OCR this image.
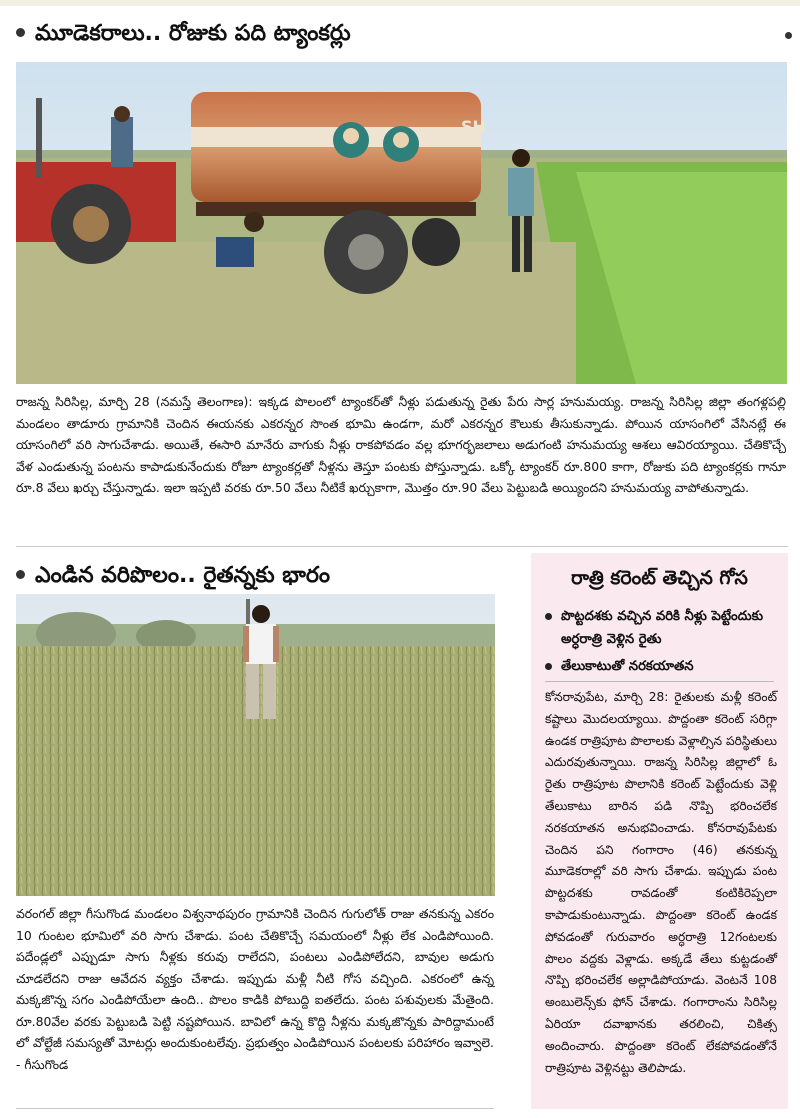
మూడెకరాలు.. రోజుకు పది ట్యాంకర్లు
SH
రాజన్న సిరిసిల్ల, మార్చి 28 (నమస్తే తెలంగాణ): ఇక్కడ పొలంలో ట్యాంకర్‌తో నీళ్లు పడుతున్న రైతు పేరు సార్ల హనుమయ్య. రాజన్న సిరిసిల్ల జిల్లా తంగళ్లపల్లి మండలం తాడూరు గ్రామానికి చెందిన ఈయనకు ఎకరన్నర సొంత భూమి ఉండగా, మరో ఎకరన్నర కౌలుకు తీసుకున్నాడు. పోయిన యాసంగిలో వేసినట్లే ఈ యాసంగిలో వరి సాగుచేశాడు. అయితే, ఈసారి మానేరు వాగుకు నీళ్లు రాకపోవడం వల్ల భూగర్భజలాలు అడుగంటి హనుమయ్య ఆశలు ఆవిరయ్యాయి. చేతికొచ్చే వేళ ఎండుతున్న పంటను కాపాడుకునేందుకు రోజూ ట్యాంకర్లతో నీళ్లను తెస్తూ పంటకు పోస్తున్నాడు. ఒక్కో ట్యాంకర్ రూ.800 కాగా, రోజుకు పది ట్యాంకర్లకు గానూ రూ.8 వేలు ఖర్చు చేస్తున్నాడు. ఇలా ఇప్పటి వరకు రూ.50 వేలు నీటికే ఖర్చుకాగా, మొత్తం రూ.90 వేలు పెట్టుబడి అయ్యిందని హనుమయ్య వాపోతున్నాడు.
ఎండిన వరిపొలం.. రైతన్నకు భారం
వరంగల్ జిల్లా గీసుగొండ మండలం విశ్వనాథపురం గ్రామానికి చెందిన గుగులోత్ రాజు తనకున్న ఎకరం 10 గుంటల భూమిలో వరి సాగు చేశాడు. పంట చేతికొచ్చే సమయంలో నీళ్లు లేక ఎండిపోయింది. పదేండ్లలో ఎప్పుడూ సాగు నీళ్లకు కరువు రాలేదని, పంటలు ఎండిపోలేదని, బావుల అడుగు చూడలేదని రాజు ఆవేదన వ్యక్తం చేశాడు. ఇప్పుడు మళ్లీ నీటి గోస వచ్చింది. ఎకరంలో ఉన్న మక్కజొన్న సగం ఎండిపోయేలా ఉంది.. పొలం కాడికి పోబుద్ది ఐతలేదు. పంట పశువులకు మేతైంది. రూ.80వేల వరకు పెట్టుబడి పెట్టి నష్టపోయిన. బావిలో ఉన్న కొద్ది నీళ్లను మక్కజొన్నకు పారిద్దామంటే లో వోల్టేజీ సమస్యతో మోటర్లు అందుకుంటలేవు. ప్రభుత్వం ఎండిపోయిన పంటలకు పరిహారం ఇవ్వాలె. - గీసుగొండ
రాత్రి కరెంట్ తెచ్చిన గోస
పొట్టదశకు వచ్చిన వరికి నీళ్లు పెట్టేందుకు అర్ధరాత్రి వెళ్లిన రైతు
తేలుకాటుతో నరకయాతన
కోనరావుపేట, మార్చి 28: రైతులకు మళ్లీ కరెంట్ కష్టాలు మొదలయ్యాయి. పొద్దంతా కరెంట్ సరిగ్గా ఉండక రాత్రిపూట పొలాలకు వెళ్లాల్సిన పరిస్థితులు ఎదురవుతున్నాయి. రాజన్న సిరిసిల్ల జిల్లాలో ఓ రైతు రాత్రిపూట పొలానికి కరెంట్ పెట్టేందుకు వెళ్లి తేలుకాటు బారిన పడి నొప్పి భరించలేక నరకయాతన అనుభవించాడు. కోనరావుపేటకు చెందిన పని గంగారాం (46) తనకున్న మూడెకరాల్లో వరి సాగు చేశాడు. ఇప్పుడు పంట పొట్టదశకు రావడంతో కంటికిరెప్పలా కాపాడుకుంటున్నాడు. పొద్దంతా కరెంట్ ఉండక పోవడంతో గురువారం అర్ధరాత్రి 12గంటలకు పొలం వద్దకు వెళ్లాడు. అక్కడే తేలు కుట్టడంతో నొప్పి భరించలేక అల్లాడిపోయాడు. వెంటనే 108 అంబులెన్స్‌కు ఫోన్ చేశాడు. గంగారాంను సిరిసిల్ల ఏరియా దవాఖానకు తరలించి, చికిత్స అందించారు. పొద్దంతా కరెంట్ లేకపోవడంతోనే రాత్రిపూట వెళ్లినట్టు తెలిపాడు.
